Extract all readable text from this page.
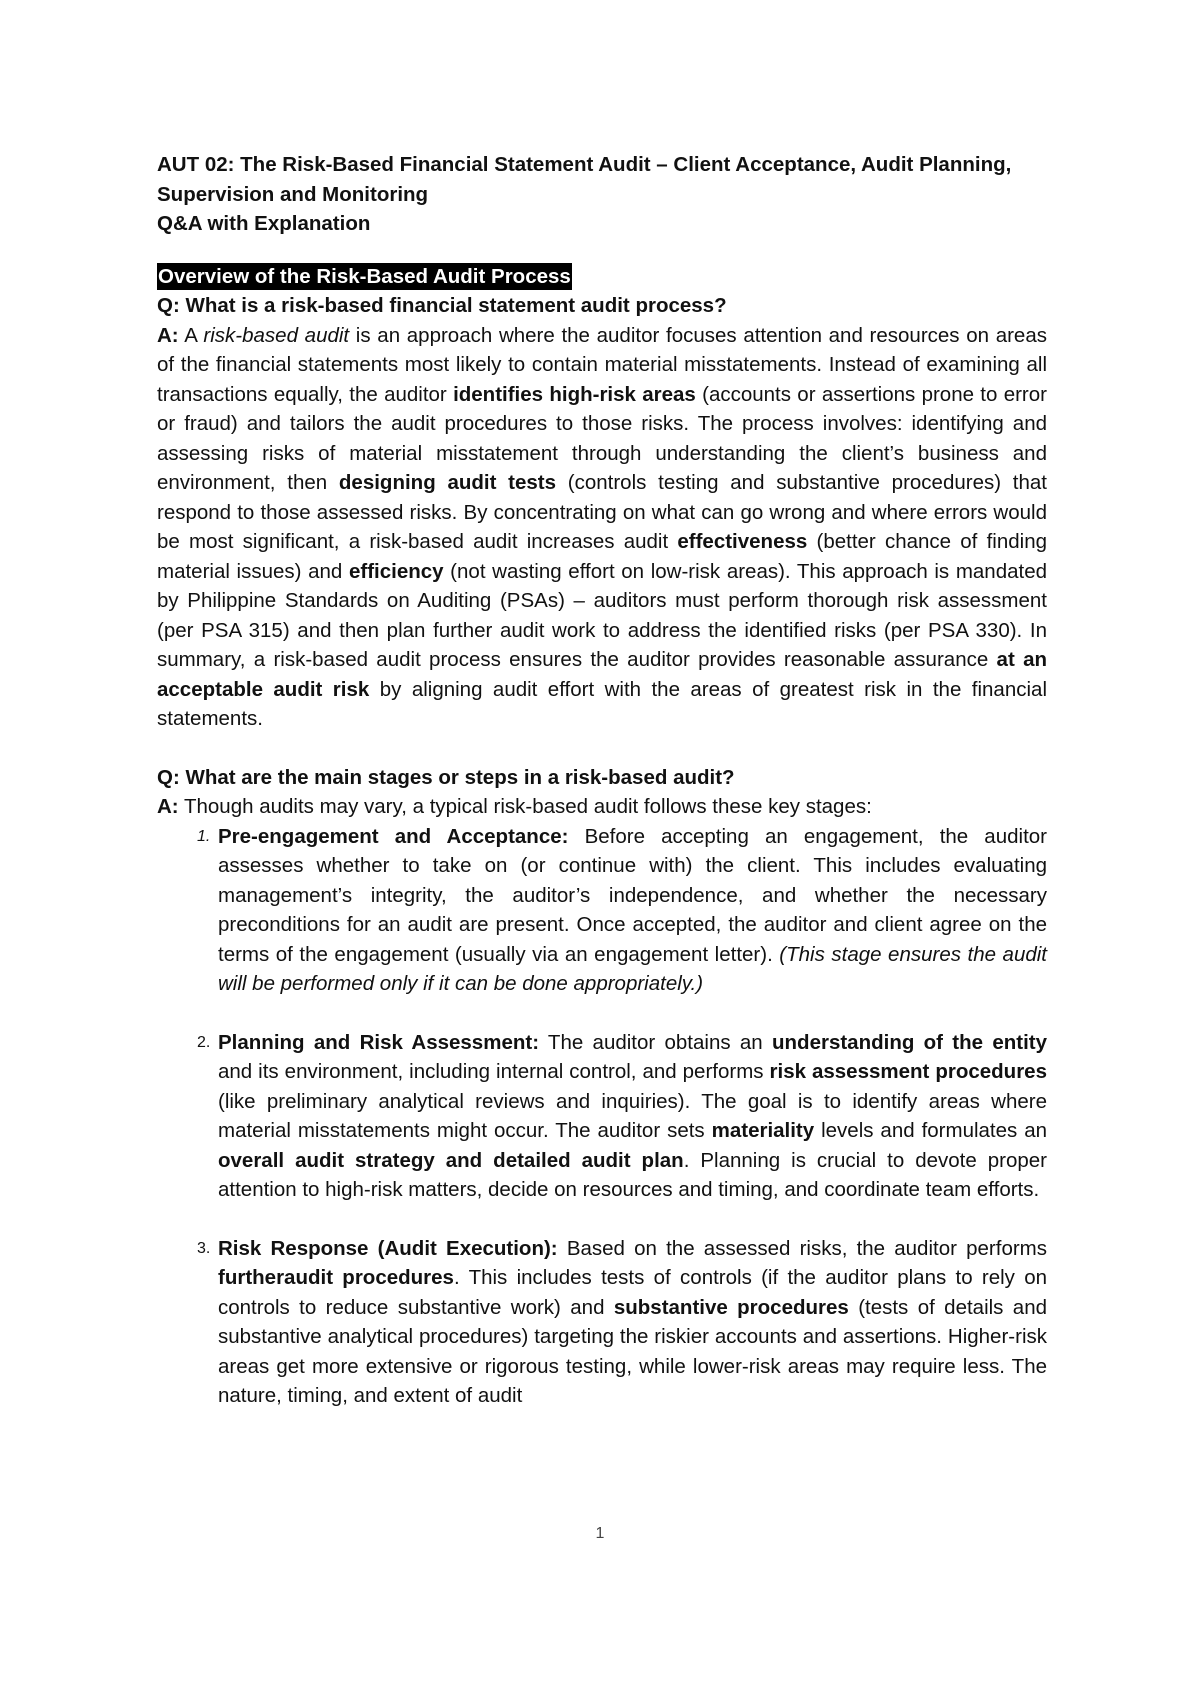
AUT 02: The Risk-Based Financial Statement Audit – Client Acceptance, Audit Planning,

Supervision and Monitoring

Q&A with Explanation

Overview of the Risk-Based Audit Process

Q: What is a risk-based financial statement audit process?

A: A risk-based audit is an approach where the auditor focuses attention and resources on areas of the financial statements most likely to contain material misstatements. Instead of examining all transactions equally, the auditor identifies high-risk areas (accounts or assertions prone to error or fraud) and tailors the audit procedures to those risks. The process involves: identifying and assessing risks of material misstatement through understanding the client’s business and environment, then designing audit tests (controls testing and substantive procedures) that respond to those assessed risks. By concentrating on what can go wrong and where errors would be most significant, a risk-based audit increases audit effectiveness (better chance of finding material issues) and efficiency (not wasting effort on low-risk areas). This approach is mandated by Philippine Standards on Auditing (PSAs) – auditors must perform thorough risk assessment (per PSA 315) and then plan further audit work to address the identified risks (per PSA 330). In summary, a risk-based audit process ensures the auditor provides reasonable assurance at an acceptable audit risk by aligning audit effort with the areas of greatest risk in the financial statements.

Q: What are the main stages or steps in a risk-based audit?

A: Though audits may vary, a typical risk-based audit follows these key stages:

1. Pre-engagement and Acceptance: Before accepting an engagement, the auditor assesses whether to take on (or continue with) the client. This includes evaluating management’s integrity, the auditor’s independence, and whether the necessary preconditions for an audit are present. Once accepted, the auditor and client agree on the terms of the engagement (usually via an engagement letter). (This stage ensures the audit will be performed only if it can be done appropriately.)
2. Planning and Risk Assessment: The auditor obtains an understanding of the entity and its environment, including internal control, and performs risk assessment procedures (like preliminary analytical reviews and inquiries). The goal is to identify areas where material misstatements might occur. The auditor sets materiality levels and formulates an overall audit strategy and detailed audit plan. Planning is crucial to devote proper attention to high-risk matters, decide on resources and timing, and coordinate team efforts.
3. Risk Response (Audit Execution): Based on the assessed risks, the auditor performs furtheraudit procedures. This includes tests of controls (if the auditor plans to rely on controls to reduce substantive work) and substantive procedures (tests of details and substantive analytical procedures) targeting the riskier accounts and assertions. Higher-risk areas get more extensive or rigorous testing, while lower-risk areas may require less. The nature, timing, and extent of audit
1
